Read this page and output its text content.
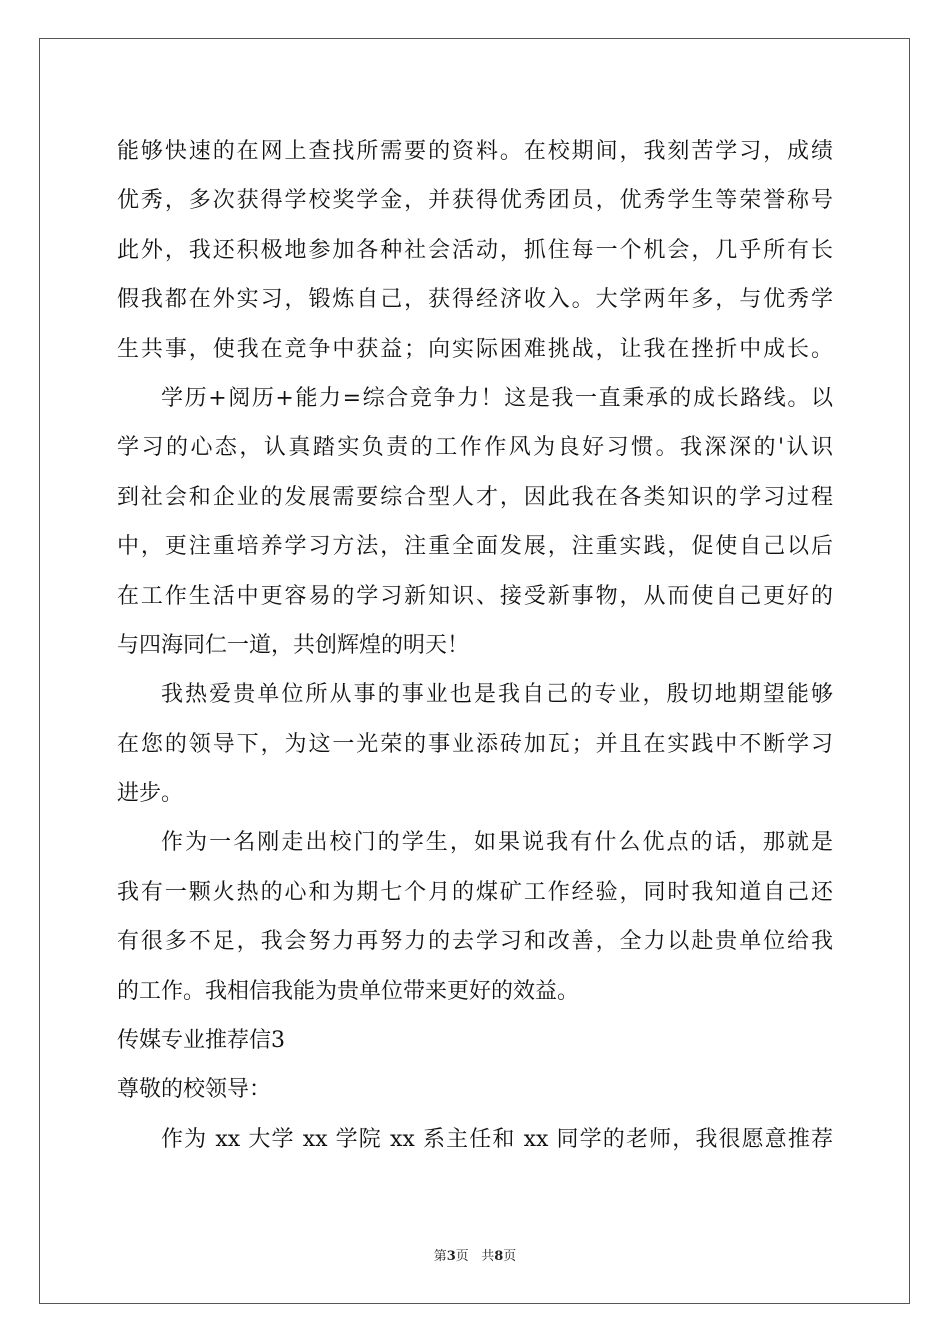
能够快速的在网上查找所需要的资料。在校期间，我刻苦学习，成绩
优秀，多次获得学校奖学金，并获得优秀团员，优秀学生等荣誉称号
此外，我还积极地参加各种社会活动，抓住每一个机会，几乎所有长
假我都在外实习，锻炼自己，获得经济收入。大学两年多，与优秀学
生共事，使我在竞争中获益；向实际困难挑战，让我在挫折中成长。
学历+阅历+能力=综合竞争力！这是我一直秉承的成长路线。以
学习的心态，认真踏实负责的工作作风为良好习惯。我深深的'认识
到社会和企业的发展需要综合型人才，因此我在各类知识的学习过程
中，更注重培养学习方法，注重全面发展，注重实践，促使自己以后
在工作生活中更容易的学习新知识、接受新事物，从而使自己更好的
与四海同仁一道，共创辉煌的明天！
我热爱贵单位所从事的事业也是我自己的专业，殷切地期望能够
在您的领导下，为这一光荣的事业添砖加瓦；并且在实践中不断学习
进步。
作为一名刚走出校门的学生，如果说我有什么优点的话，那就是
我有一颗火热的心和为期七个月的煤矿工作经验，同时我知道自己还
有很多不足，我会努力再努力的去学习和改善，全力以赴贵单位给我
的工作。我相信我能为贵单位带来更好的效益。
传媒专业推荐信3
尊敬的校领导：
作为 xx 大学 xx 学院 xx 系主任和 xx 同学的老师，我很愿意推荐
第3页 共8页
